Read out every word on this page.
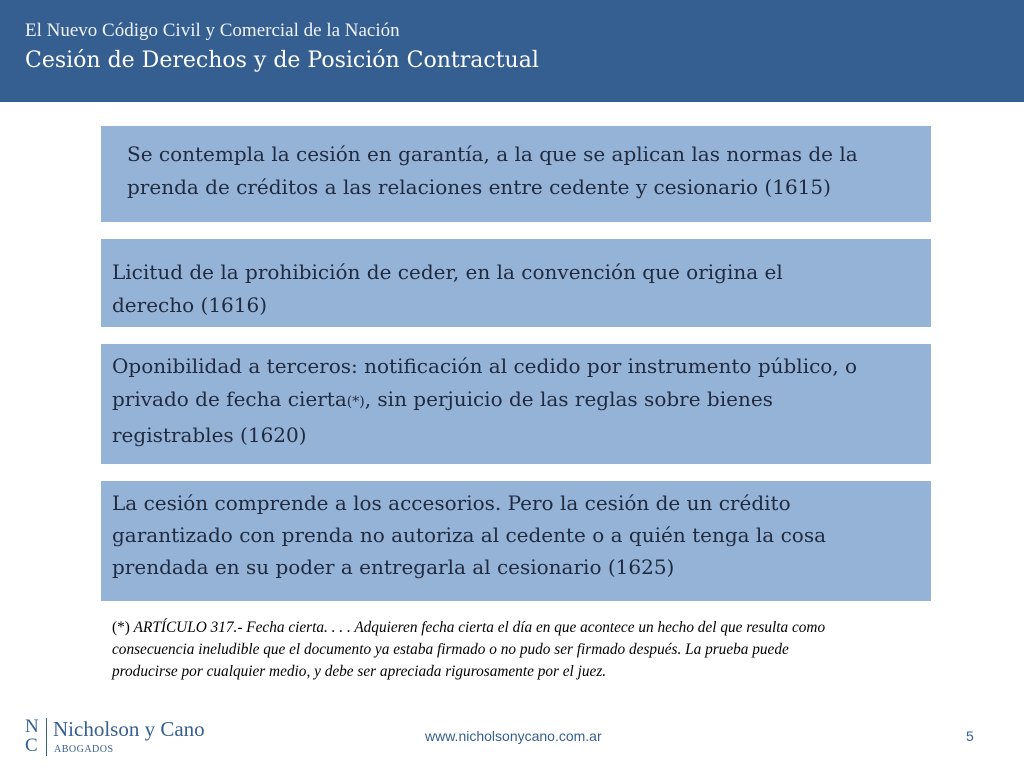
El Nuevo Código Civil y Comercial de la Nación
Cesión de Derechos y de Posición Contractual
Se contempla la cesión en garantía, a la que se aplican las normas de la
prenda de créditos a las relaciones entre cedente y cesionario (1615)
Licitud de la prohibición de ceder, en la convención que origina el
derecho (1616)
Oponibilidad a terceros: notificación al cedido por instrumento público, o
privado de fecha cierta(*), sin perjuicio de las reglas sobre bienes
registrables (1620)
La cesión comprende a los accesorios. Pero la cesión de un crédito
garantizado con prenda no autoriza al cedente o a quién tenga la cosa
prendada en su poder a entregarla al cesionario (1625)
(*) ARTÍCULO 317.- Fecha cierta. . . . Adquieren fecha cierta el día en que acontece un hecho del que resulta como
consecuencia ineludible que el documento ya estaba firmado o no pudo ser firmado después. La prueba puede
producirse por cualquier medio, y debe ser apreciada rigurosamente por el juez.
N
C
Nicholson y Cano
ABOGADOS
www.nicholsonycano.com.ar	5
